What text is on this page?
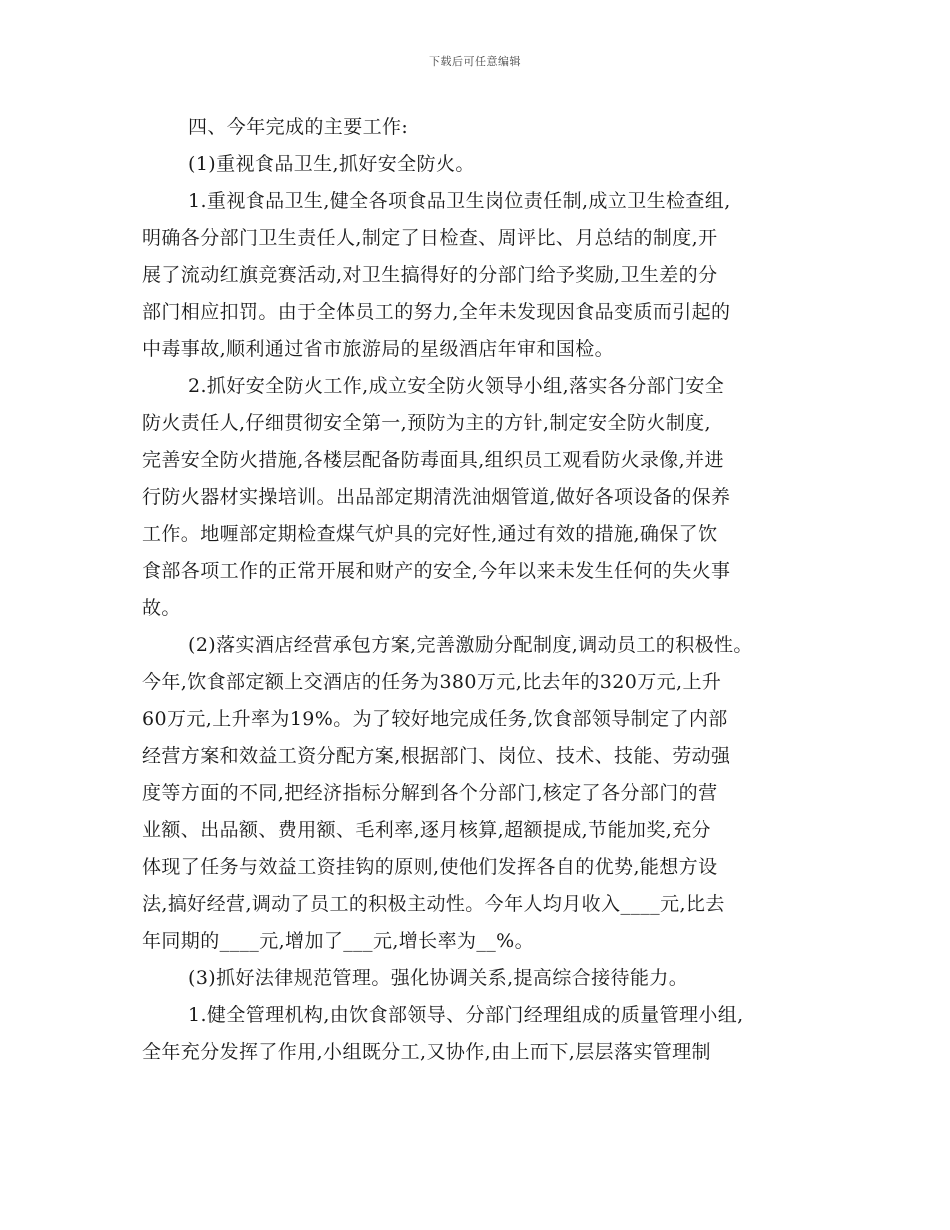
下载后可任意编辑
四、今年完成的主要工作:
(1)重视食品卫生,抓好安全防火。
1.重视食品卫生,健全各项食品卫生岗位责任制,成立卫生检查组,
明确各分部门卫生责任人,制定了日检查、周评比、月总结的制度,开
展了流动红旗竞赛活动,对卫生搞得好的分部门给予奖励,卫生差的分
部门相应扣罚。由于全体员工的努力,全年未发现因食品变质而引起的
中毒事故,顺利通过省市旅游局的星级酒店年审和国检。
2.抓好安全防火工作,成立安全防火领导小组,落实各分部门安全
防火责任人,仔细贯彻安全第一,预防为主的方针,制定安全防火制度,
完善安全防火措施,各楼层配备防毒面具,组织员工观看防火录像,并进
行防火器材实操培训。出品部定期清洗油烟管道,做好各项设备的保养
工作。地喱部定期检查煤气炉具的完好性,通过有效的措施,确保了饮
食部各项工作的正常开展和财产的安全,今年以来未发生任何的失火事
故。
(2)落实酒店经营承包方案,完善激励分配制度,调动员工的积极性。
今年,饮食部定额上交酒店的任务为380万元,比去年的320万元,上升
60万元,上升率为19%。为了较好地完成任务,饮食部领导制定了内部
经营方案和效益工资分配方案,根据部门、岗位、技术、技能、劳动强
度等方面的不同,把经济指标分解到各个分部门,核定了各分部门的营
业额、出品额、费用额、毛利率,逐月核算,超额提成,节能加奖,充分
体现了任务与效益工资挂钩的原则,使他们发挥各自的优势,能想方设
法,搞好经营,调动了员工的积极主动性。今年人均月收入____元,比去
年同期的____元,增加了___元,增长率为__%。
(3)抓好法律规范管理。强化协调关系,提高综合接待能力。
1.健全管理机构,由饮食部领导、分部门经理组成的质量管理小组,
全年充分发挥了作用,小组既分工,又协作,由上而下,层层落实管理制
